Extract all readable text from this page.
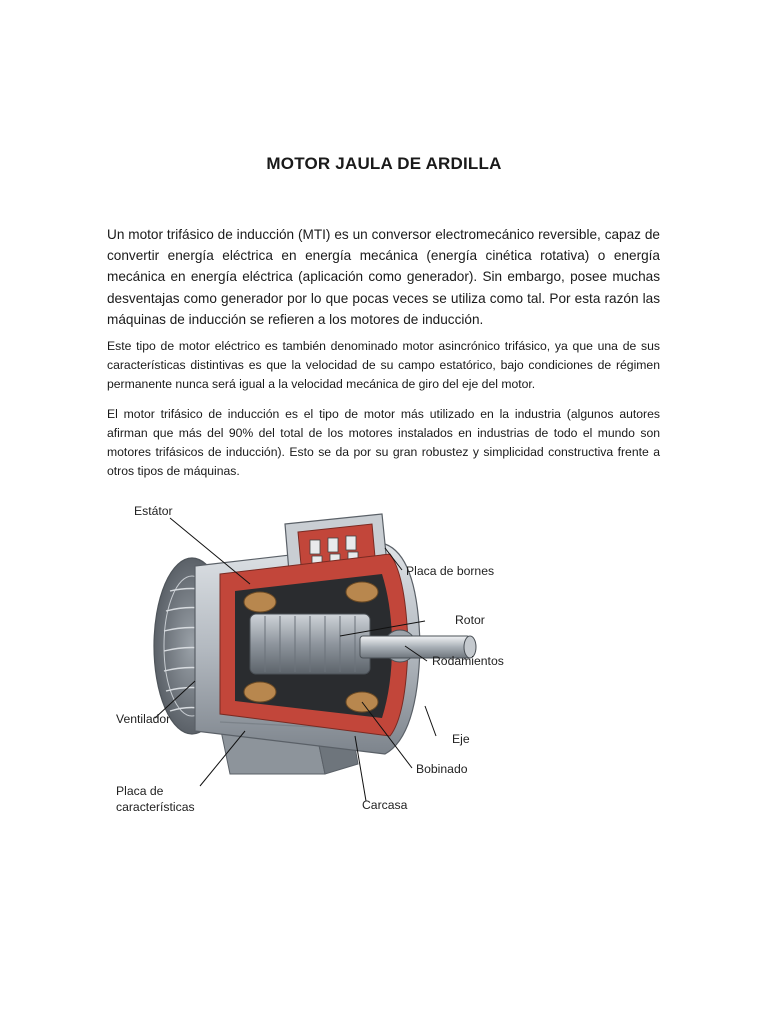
MOTOR JAULA DE ARDILLA

Un motor trifásico de inducción (MTI) es un conversor electromecánico reversible, capaz de convertir energía eléctrica en energía mecánica (energía cinética rotativa) o energía mecánica en energía eléctrica (aplicación como generador). Sin embargo, posee muchas desventajas como generador por lo que pocas veces se utiliza como tal. Por esta razón las máquinas de inducción se refieren a los motores de inducción.

Este tipo de motor eléctrico es también denominado motor asincrónico trifásico, ya que una de sus características distintivas es que la velocidad de su campo estatórico, bajo condiciones de régimen permanente nunca será igual a la velocidad mecánica de giro del eje del motor.

El motor trifásico de inducción es el tipo de motor más utilizado en la industria (algunos autores afirman que más del 90% del total de los motores instalados en industrias de todo el mundo son motores trifásicos de inducción). Esto se da por su gran robustez y simplicidad constructiva frente a otros tipos de máquinas.

Estátor
Placa de bornes
Rotor
Rodamientos
Ventilador
Eje
Bobinado
Placa de
características	Carcasa
